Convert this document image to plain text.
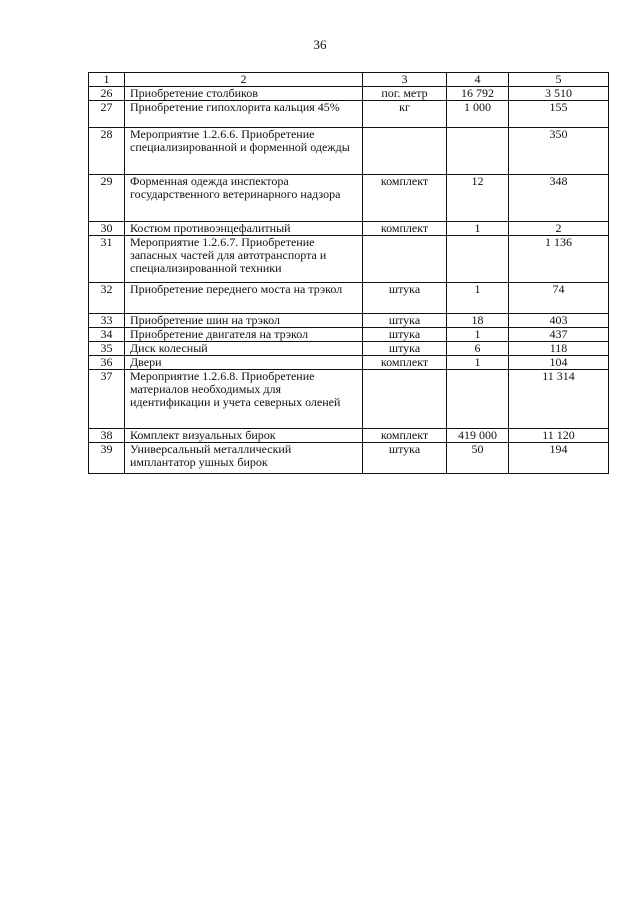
36
1	2	3	4	5
26	Приобретение столбиков	пог. метр	16 792	3 510
27	Приобретение гипохлорита кальция 45%	кг	1 000	155
28	Мероприятие 1.2.6.6. Приобретение специализированной и форменной одежды			350
29	Форменная одежда инспектора государственного ветеринарного надзора	комплект	12	348
30	Костюм противоэнцефалитный	комплект	1	2
31	Мероприятие 1.2.6.7. Приобретение запасных частей для автотранспорта и специализированной техники			1 136
32	Приобретение переднего моста на трэкол	штука	1	74
33	Приобретение шин на трэкол	штука	18	403
34	Приобретение двигателя на трэкол	штука	1	437
35	Диск колесный	штука	6	118
36	Двери	комплект	1	104
37	Мероприятие 1.2.6.8. Приобретение материалов необходимых для идентификации и учета северных оленей			11 314
38	Комплект визуальных бирок	комплект	419 000	11 120
39	Универсальный металлический имплантатор ушных бирок	штука	50	194
